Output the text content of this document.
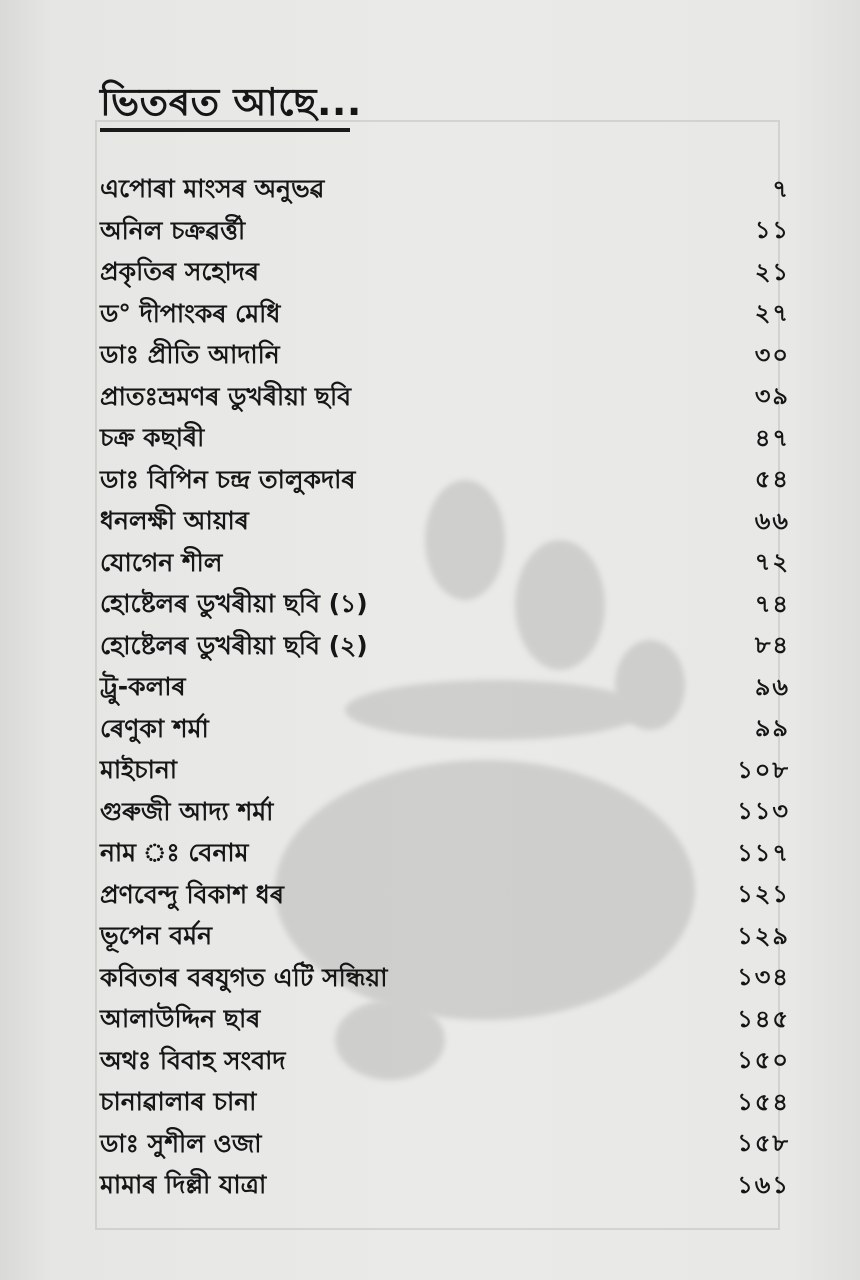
ভিতৰত আছে...
এপোৰা মাংসৰ অনুভৱ	৭
অনিল চক্ৰৱৰ্ত্তী	১১
প্ৰকৃতিৰ সহোদৰ	২১
ড° দীপাংকৰ মেধি	২৭
ডাঃ প্ৰীতি আদানি	৩০
প্ৰাতঃভ্ৰমণৰ ডুখৰীয়া ছবি	৩৯
চক্ৰ কছাৰী	৪৭
ডাঃ বিপিন চন্দ্ৰ তালুকদাৰ	৫৪
ধনলক্ষী আয়াৰ	৬৬
যোগেন শীল	৭২
হোষ্টেলৰ ডুখৰীয়া ছবি (১)	৭৪
হোষ্টেলৰ ডুখৰীয়া ছবি (২)	৮৪
ট্ৰু-কলাৰ	৯৬
ৰেণুকা শৰ্মা	৯৯
মাইচানা	১০৮
গুৰুজী আদ্য শৰ্মা	১১৩
নাম ঃ বেনাম	১১৭
প্ৰণবেন্দু বিকাশ ধৰ	১২১
ভূপেন বৰ্মন	১২৯
কবিতাৰ বৰযুগত এটি সন্ধিয়া	১৩৪
আলাউদ্দিন ছাৰ	১৪৫
অথঃ বিবাহ সংবাদ	১৫০
চানাৱালাৰ চানা	১৫৪
ডাঃ সুশীল ওজা	১৫৮
মামাৰ দিল্লী যাত্ৰা	১৬১
